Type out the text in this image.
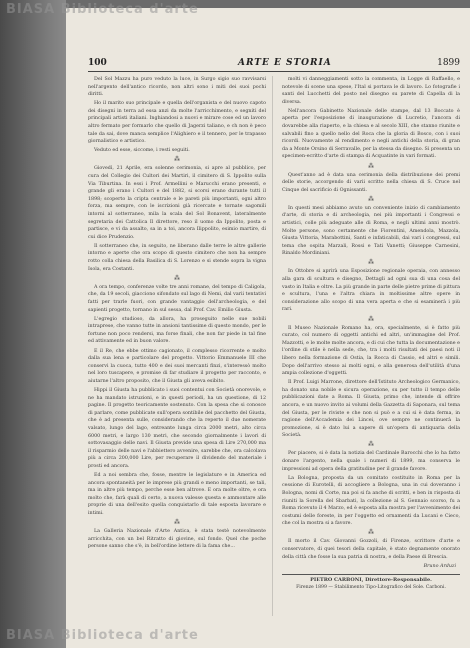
100	ARTE E STORIA	1899

Del Sol Mazzu ha puro veduto la luce, in Surgo sigio suo ravvisarsi nell'argento dell'antico ricordo, non altri sono i miti dei suoi pochi diritti.

Ho il marito suo principale e quella dell'organista e del nuovo capoto dei disegni in terra ad essa anzi da molte l'arricchimento, e segniti del principali artisti italiani. Inghiandosi a nuovi e mirare cose ed un lavoro altro fermato per formarlo che quello di Jagerzi taliano, e ch non è peco tale da sai, dove manca semplice l'Alighiero e il tennero, per le trapasso giornalistico e artistico.

Veduto ed esse, siccome, i resti seguiti.

⁂

Giovedì, 21 Aprile, era solenne cerimonia, si apre al pubblico, per cura del Collegio dei Cultori dei Martiri, il cimitero di S. Ippolito sulla Via Tiburtina. In essi i Prof. Armellini e Marucchi erano presenti, e grande gli erano i Cultori e del 1882, si scorsi erano durante tutti il 1898; scoperto la cripta centrale e le pareti più importanti, ogni altro forza, ma sempre, con le iscrizioni già ricercate e tornate sagomili intorni al sotterraneo, mila la scala del Sol Bonavent, lateralmente segretaria dei Cattolica Il direttore, reso il uomo da Ippolito, posta e partisce, e vi da assalto, sa in a toi, ancora Ilippolito, esimio martire, di cui dice Prudenzio.

Il sotterraneo che, in seguito, ne liberano dalle terre le altre gallerie intorno e aperte che ora scopo di questo cimitero che non ha sempre rotto colla chiesa della Basilica di S. Lorenzo e si stende sopra la vigna Isola, era Costanti.

⁂

A ora tempo, conferenze volte tre anni romane, del tempo di Caligola, che, da 19 secoli, giacciono sifondato sul lago di Nemi, dal varii tentativi fatti per trarle fuori, con grande vantaggio dell'archeologia, e del sapienti progetto, tornano in sul sessa, dal Prof. Cav. Emilio Giusta.

L'egregio studioso, da allora, ha proseguito nelle sue nobili intraprese, che vanno tutte in ansioni tantissime di questo mondo, per le fortune non poco rendersi, ma forse finali, che non far piede in tal fine ed attivamente ed in buon valore.

E il Re, che ebbe ottimo cagionato, il complesso ricorrente e molto dalla sua lena e particolare del progetto. Vittorio Emmanuele III che conservi la cuoca, tutto 400 e dei suoi mercanti finzi, s'interessò molto nel loro tuscapere, e promise di far studiare il progetto per racconto, e aiutarne l'altro proposito, che il Giusta gli aveva esibito.

Hippi il Giusta ha pubblicato i suoi contentui con Società onorevole, e ne ha mandato istruzioni, e in questi periodi, ha un questione, di 12 pagine. Il progetto teoricamente sostenuto. Con la spesa che si conosce di parlare, come pubblicate sull'opera sontibile del pacchetto del Giusta, che è ad presenta sulle, considerando che la reperto il due nomerate valsato, lungo del lago, entreante lunga circa 2000 metri, alto circa 6000 metri, e largo 130 metri, che secondo giornalmente i lavori di sottovasaggio delle navi. Il Giusta previde una spesa di Lire 270,000 ma il risparmio delle navi e l'abbiettero avvenire, sarebbe che, ora calcolava più a circa 200,000 Lire, per recuperare il dividendo del materiale i prosti ed ancora.

Ed a noi sembra che, fosse, mentre le legislature e in America ed ancora spontaneità per le imprese più grandi e meno importanti, se tali, ma in altre più tempo, perche esse ben altrove. E ora molte oltre, e ora molto che, farà quali di certo, a nuova valesse questa e ammontare alle proprie di una dell'esito quella conquistarlo di tale esposta lavorare e intimi.

⁂

La Galleria Nazionale d'Arte Antica, è stata testè notevolmente arricchita, con un bel Ritratto di giovine, sul fondo. Quel che poche persone sanno che s'è, in bell'ordine lettere di la fama che...

molti vi danneggiamenti sotto la commenta, in Logge di Raffaello, e notevole di scene una spese, l'Ital si portava le di lavoro. Lo fotografie i santi del Lucchetti del posto nel disegno su parete di Capella di la diversa.

Nell'ancora Gabinetto Nazionale delle stampe, dal 13 Boccato è aperta per l'esposizione di inaugurazione di Lucretio, l'ancora di dovarebbe alla riaperto, e la chiesa e al secolo XIII, che stanno riunite e salvabili fino a quello nello del Roca che la gloria di Bosco, con i suoi ricordi. Nuovamente al rendimento e negli antichi della storia, di gran da a Monte Orsino di Serravalle, per la stessa da disegno. Si presenta un specimen-ecritto d'arte di stampa di Acquatinte in vari formati.

⁂

Quest'anno ad è data una cerimonia della distribuzione dei premi delle storie, accorgendo di varii scritto nella chiesa di S. Cruce nel Cinque del sacrificio di Ognissanti.

⁂

In questi mesi abbiamo avuto un conveniente inizio di cambiamento d'arte, di storia e di archeologia, nei più importanti i Congressi e artistici, colle più adeguate alle di Roma, e negli ultimi anni mostrò. Molte persone, sono certamente che Fiorentini, Amendola, Mazzola, Giusta Vittoria, Marabottini, Santi e infaticabili, dai vari i congressi, sul tema che ospita Marzali, Rossi e Tati Vanetti; Giuseppe Carnesini, Rinaldo Mordiniani.

⁂

In Ottobre si aprirà una Esposizione regionale operaia, con annesso alla gara di scultura e disegno, Dettagli ad ogni sua di una cosa del vasto in Italia e oltre. La più grande in parte delle pietre prime di pittura e scultura, l'una e l'altra chiara in moltissime altre opere in considerazione allo scopo di una vera aperta e che si esaminerà i più rari.

⁂

Il Museo Nazionale Romano ha, ora, specialmente, si è fatto più curato, col numero di oggetti antichi ed altri, un'immagine del Prof. Mazzotti, e le molte molte ancora, e di cui che tutta la documentazione e l'ordine di stile è nella sede, che, tra i molti risultati dei paesi noti il libero nella formazione di Ostia, la Rocca di Cassio, ed altri e simili. Dopo dell'arrivo stesso ai molti ogni, e alla generosa dell'utilità d'una ampia collezione d'oggetti.

Il Prof. Luigi Marrone, direttore dell'Istituto Archeologico Germanico, ha donato una nobile e sicura operazione, su per tutto il tempo delle pubblicazioni date a Roma. Il Giusta, primo che, intende di offrire ancora, e un nuovo invito ai volumi della Gazzetta di Saponara, sul tema del Giusta, per le riviste e che non si può e a cui si è data ferma, in ragione dell'Accademia dei Lincei, ove sempre ne continuerà la promozione, si è dato lui a sapere di un'opera di antiquaria della Società.

⁂

Per piacere, si è data la notizia del Cardinale Barocchi che lo ha fatto donare l'argento, nella quale i numeri di 1899, ma conserva le impressioni ad opera della gratitudine per il grande favore.

La Bologna, proposta da un comitato costituito in Roma per la cessione di Eurotelli, di accogliere a Bologna, una in cui doveranno i Bologna, nomi di Corte, ma poi si fa anche di scritti, e ben in risposta di riuniti la Sorella del Sbarbati, la collezione al S. Gennaio scorso, fu a Roma ricevuto il 4 Marzo, ed è esposta alla mostra per l'avvenimento dei costumi delle foreste, in per l'oggetto ed ornamenti da Lucani e Cieco, che col la mostra si a favore.

⁂

Il morto il Cav. Giovanni Gozzoli, di Firenze, scrittore d'arte e conservatore, di quei tesori della capitale, è stato degnamente onorato della città che fosse la sua patria di nostra, e della Paese di Brescia.

Bruno Arduzi
PIETRO CARBONI, Direttore-Responsabile.
Firenze 1899 — Stabilimento Tipo-Litografico del Sole. Carboni.
BIASA Biblioteca d'arte
BIASA Biblioteca d'arte
